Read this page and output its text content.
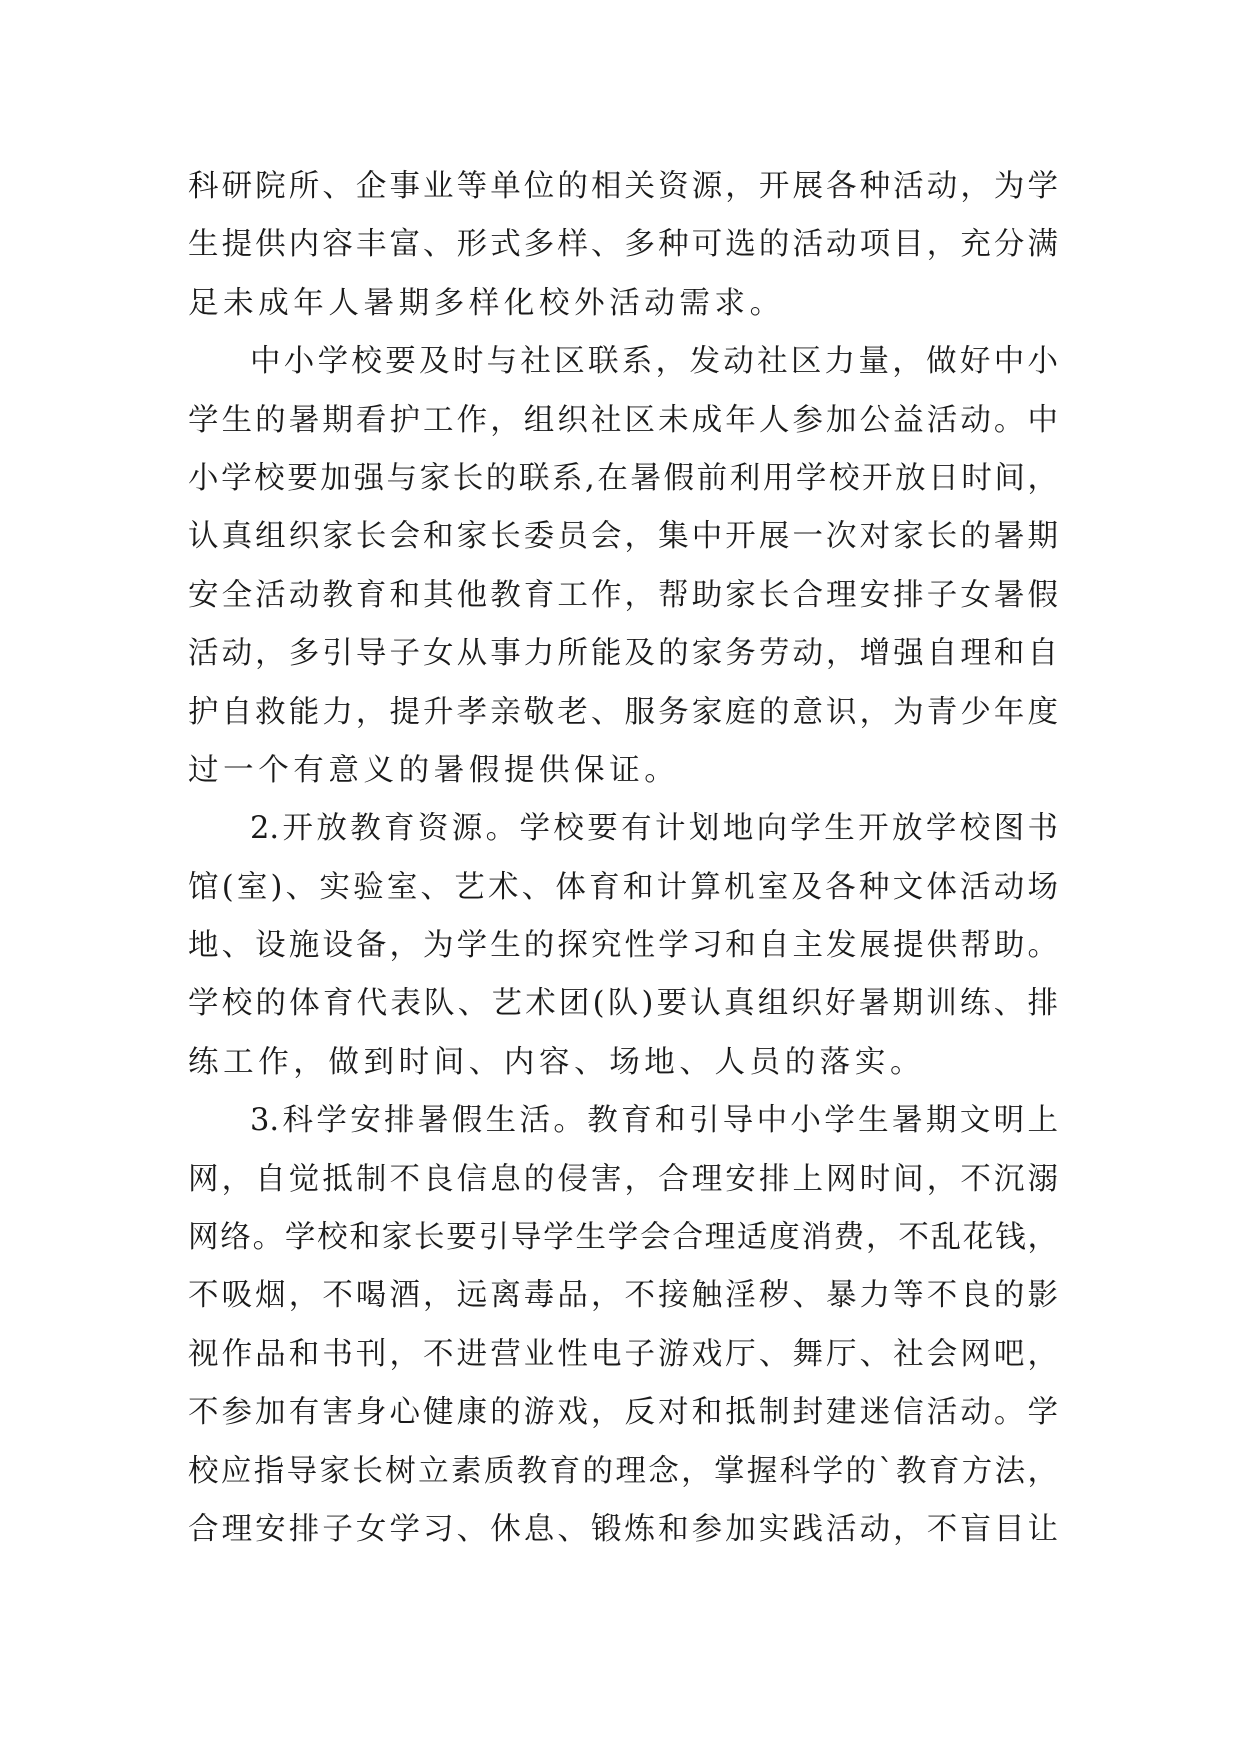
科研院所、企事业等单位的相关资源，开展各种活动，为学
生提供内容丰富、形式多样、多种可选的活动项目，充分满
足未成年人暑期多样化校外活动需求。
中小学校要及时与社区联系，发动社区力量，做好中小
学生的暑期看护工作，组织社区未成年人参加公益活动。中
小学校要加强与家长的联系,在暑假前利用学校开放日时间，
认真组织家长会和家长委员会，集中开展一次对家长的暑期
安全活动教育和其他教育工作，帮助家长合理安排子女暑假
活动，多引导子女从事力所能及的家务劳动，增强自理和自
护自救能力，提升孝亲敬老、服务家庭的意识，为青少年度
过一个有意义的暑假提供保证。
2.开放教育资源。学校要有计划地向学生开放学校图书
馆(室)、实验室、艺术、体育和计算机室及各种文体活动场
地、设施设备，为学生的探究性学习和自主发展提供帮助。
学校的体育代表队、艺术团(队)要认真组织好暑期训练、排
练工作，做到时间、内容、场地、人员的落实。
3.科学安排暑假生活。教育和引导中小学生暑期文明上
网，自觉抵制不良信息的侵害，合理安排上网时间，不沉溺
网络。学校和家长要引导学生学会合理适度消费，不乱花钱，
不吸烟，不喝酒，远离毒品，不接触淫秽、暴力等不良的影
视作品和书刊，不进营业性电子游戏厅、舞厅、社会网吧，
不参加有害身心健康的游戏，反对和抵制封建迷信活动。学
校应指导家长树立素质教育的理念，掌握科学的`教育方法，
合理安排子女学习、休息、锻炼和参加实践活动，不盲目让
